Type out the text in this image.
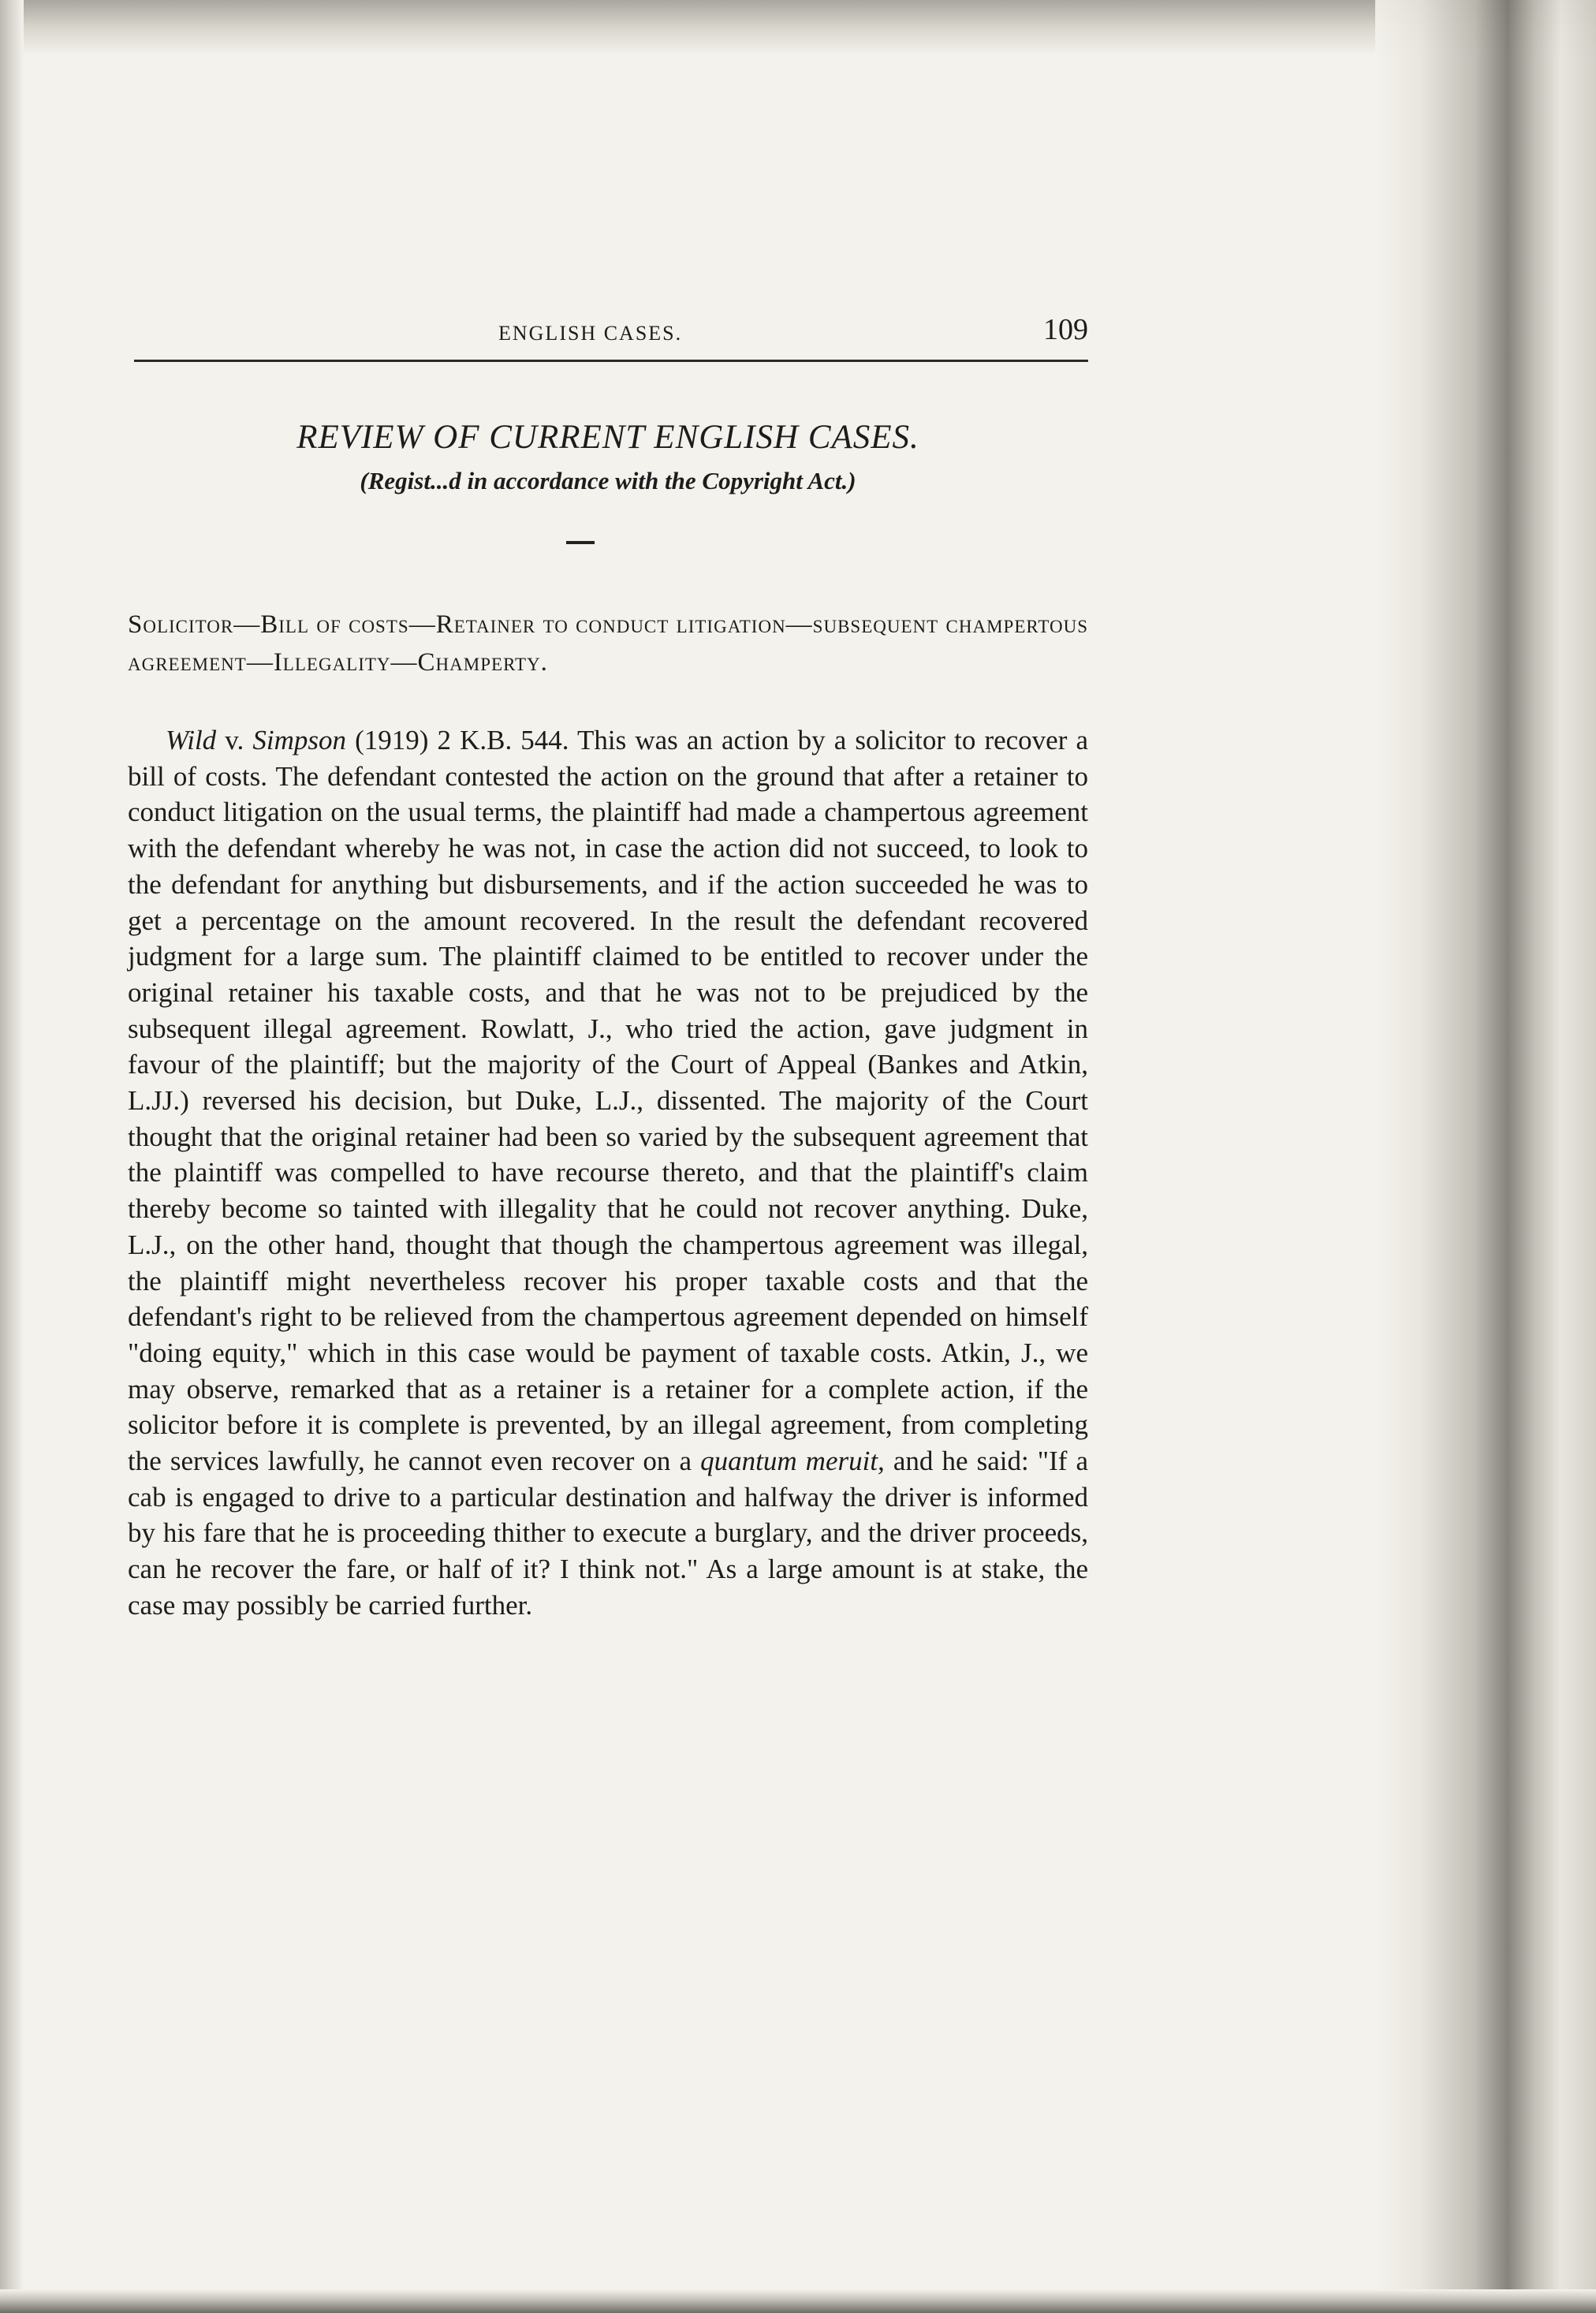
ENGLISH CASES.	109
REVIEW OF CURRENT ENGLISH CASES.
(Regist...d in accordance with the Copyright Act.)
Solicitor—Bill of costs—Retainer to conduct litigation—subsequent champertous agreement—Illegality—Champerty.

Wild v. Simpson (1919) 2 K.B. 544. This was an action by a solicitor to recover a bill of costs. The defendant contested the action on the ground that after a retainer to conduct litigation on the usual terms, the plaintiff had made a champertous agreement with the defendant whereby he was not, in case the action did not succeed, to look to the defendant for anything but disbursements, and if the action succeeded he was to get a percentage on the amount recovered. In the result the defendant recovered judgment for a large sum. The plaintiff claimed to be entitled to recover under the original retainer his taxable costs, and that he was not to be prejudiced by the subsequent illegal agreement. Rowlatt, J., who tried the action, gave judgment in favour of the plaintiff; but the majority of the Court of Appeal (Bankes and Atkin, L.JJ.) reversed his decision, but Duke, L.J., dissented. The majority of the Court thought that the original retainer had been so varied by the subsequent agreement that the plaintiff was compelled to have recourse thereto, and that the plaintiff's claim thereby become so tainted with illegality that he could not recover anything. Duke, L.J., on the other hand, thought that though the champertous agreement was illegal, the plaintiff might nevertheless recover his proper taxable costs and that the defendant's right to be relieved from the champertous agreement depended on himself "doing equity," which in this case would be payment of taxable costs. Atkin, J., we may observe, remarked that as a retainer is a retainer for a complete action, if the solicitor before it is complete is prevented, by an illegal agreement, from completing the services lawfully, he cannot even recover on a quantum meruit, and he said: "If a cab is engaged to drive to a particular destination and halfway the driver is informed by his fare that he is proceeding thither to execute a burglary, and the driver proceeds, can he recover the fare, or half of it? I think not." As a large amount is at stake, the case may possibly be carried further.
